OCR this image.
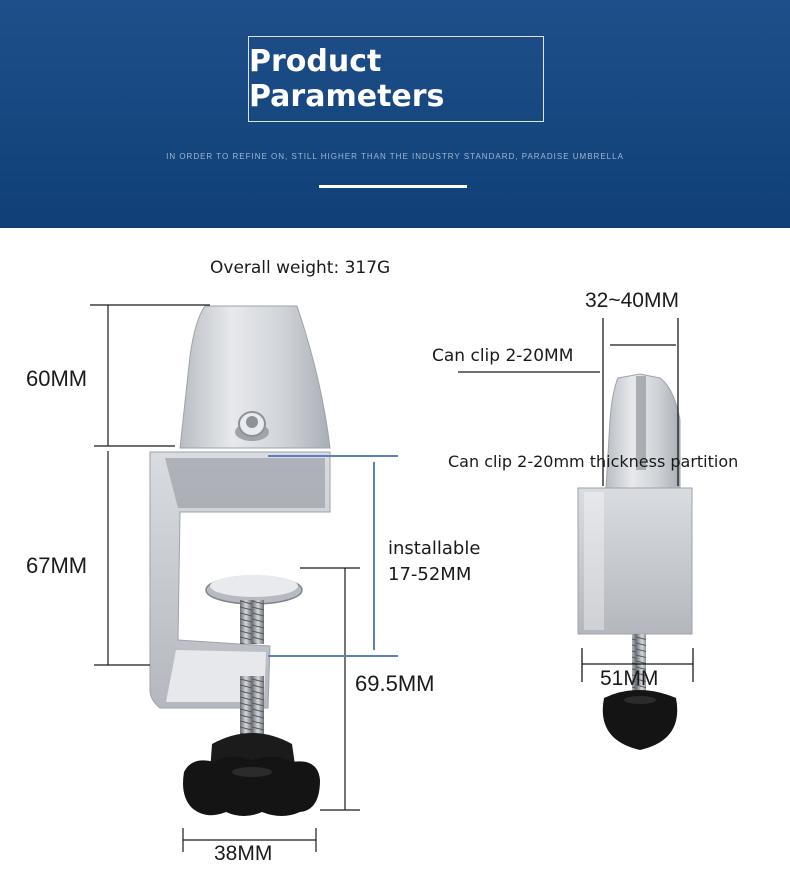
Product Parameters
IN ORDER TO REFINE ON, STILL HIGHER THAN THE INDUSTRY STANDARD, PARADISE UMBRELLA
Overall weight: 317G
60MM
67MM
installable
17-52MM
69.5MM
38MM
32~40MM
Can clip 2-20MM
Can clip 2-20mm thickness partition
51MM
